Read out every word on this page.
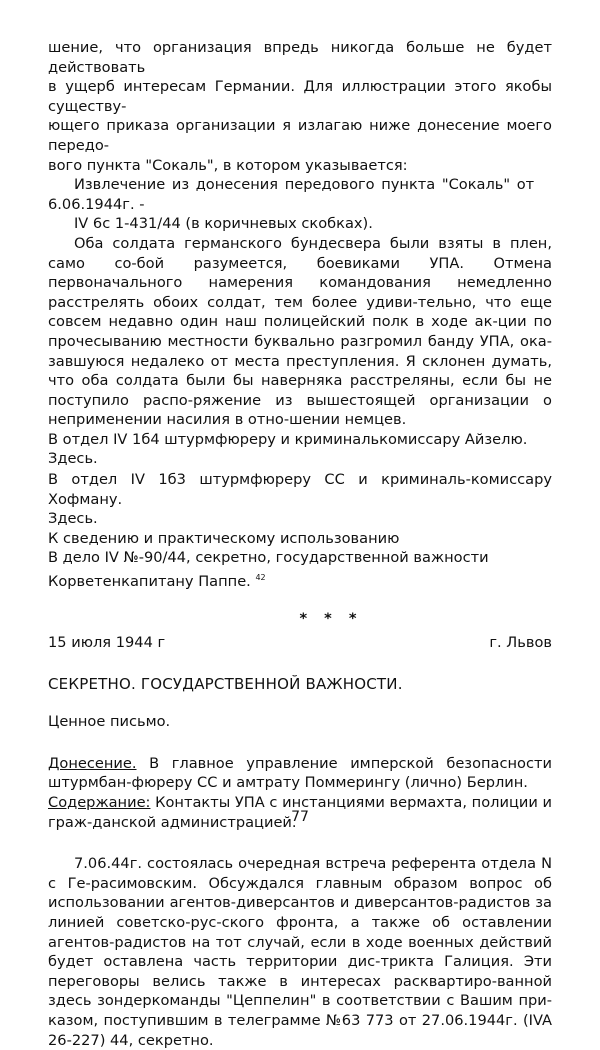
шение, что организация впредь никогда больше не будет действовать

в ущерб интересам Германии. Для иллюстрации этого якобы существу-

ющего приказа организации я излагаю ниже донесение моего передо-

вого пункта "Сокаль", в котором указывается:

Извлечение из донесения передового пункта "Сокаль" от

6.06.1944г. -

IV 6с 1-431/44 (в коричневых скобках).

Оба солдата германского бундесвера были взяты в плен, само со-бой разумеется, боевиками УПА. Отмена первоначального намерения командования немедленно расстрелять обоих солдат, тем более удиви-тельно, что еще совсем недавно один наш полицейский полк в ходе ак-ции по прочесыванию местности буквально разгромил банду УПА, ока-завшуюся недалеко от места преступления. Я склонен думать, что оба солдата были бы наверняка расстреляны, если бы не поступило распо-ряжение из вышестоящей организации о неприменении насилия в отно-шении немцев.

В отдел IV 1б4 штурмфюреру и криминалькомиссару Айзелю. Здесь.

В отдел IV 1б3 штурмфюреру СС и криминаль-комиссару Хофману.

Здесь.

К сведению и практическому использованию

В дело IV №-90/44, секретно, государственной важности

Корветенкапитану Паппе. $^{42}$

* * *

15 июля 1944 г	г. Львов

СЕКРЕТНО. ГОСУДАРСТВЕННОЙ ВАЖНОСТИ.

Ценное письмо.

Донесение. В главное управление имперской безопасности штурмбан-фюреру СС и амтрату Поммерингу (лично) Берлин.

Содержание: Контакты УПА с инстанциями вермахта, полиции и граж-данской администрацией.

7.06.44г. состоялась очередная встреча референта отдела N с Ге-расимовским. Обсуждался главным образом вопрос об использовании агентов-диверсантов и диверсантов-радистов за линией советско-рус-ского фронта, а также об оставлении агентов-радистов на тот случай, если в ходе военных действий будет оставлена часть территории дис-трикта Галиция. Эти переговоры велись также в интересах расквартиро-ванной здесь зондеркоманды "Цеппелин" в соответствии с Вашим при-казом, поступившим в телеграмме №63 773 от 27.06.1944г. (IVA 26-227) 44, секретно.

77
